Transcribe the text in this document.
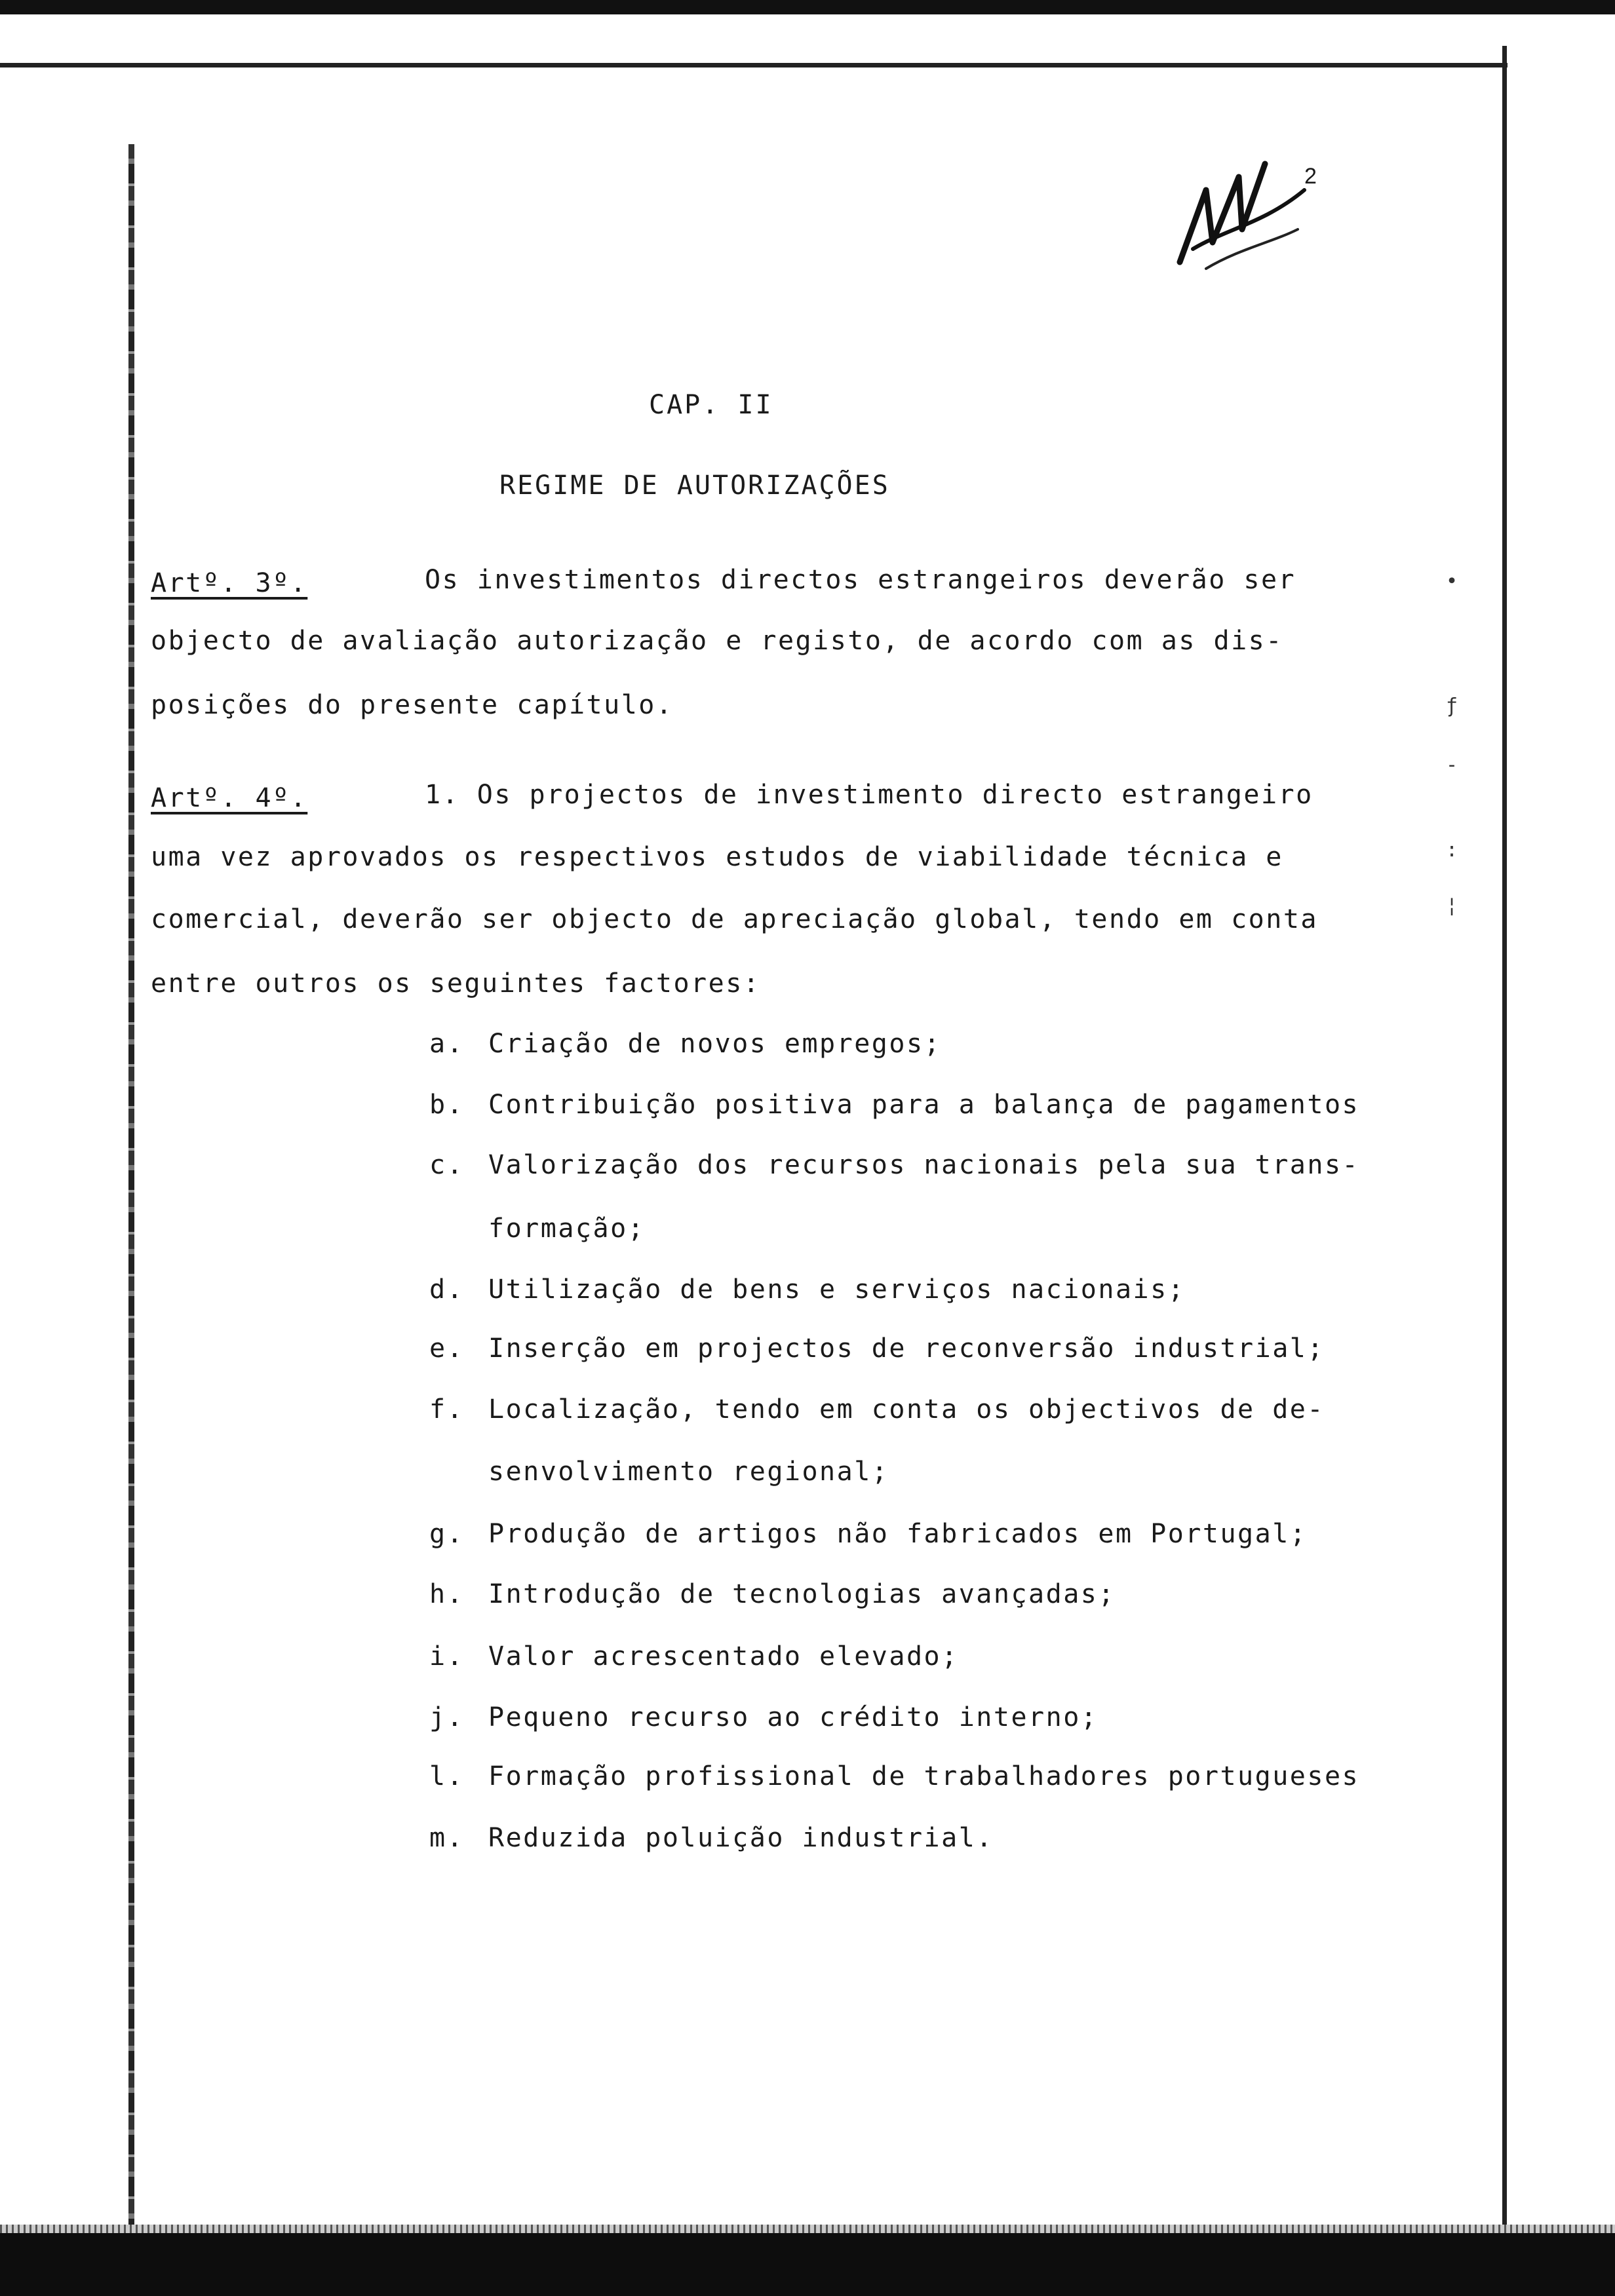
•
ƒ
-
:
¦
2
CAP. II
REGIME DE AUTORIZAÇÕES
Artº. 3º.	Os investimentos directos estrangeiros deverão ser
objecto de avaliação autorização e registo, de acordo com as dis-
posições do presente capítulo.
Artº. 4º.	1. Os projectos de investimento directo estrangeiro
uma vez aprovados os respectivos estudos de viabilidade técnica e
comercial, deverão ser objecto de apreciação global, tendo em conta
entre outros os seguintes factores:
a. Criação de novos empregos;
b. Contribuição positiva para a balança de pagamentos
c. Valorização dos recursos nacionais pela sua trans-
formação;
d. Utilização de bens e serviços nacionais;
e. Inserção em projectos de reconversão industrial;
f. Localização, tendo em conta os objectivos de de-
senvolvimento regional;
g. Produção de artigos não fabricados em Portugal;
h. Introdução de tecnologias avançadas;
i. Valor acrescentado elevado;
j. Pequeno recurso ao crédito interno;
l. Formação profissional de trabalhadores portugueses
m. Reduzida poluição industrial.
